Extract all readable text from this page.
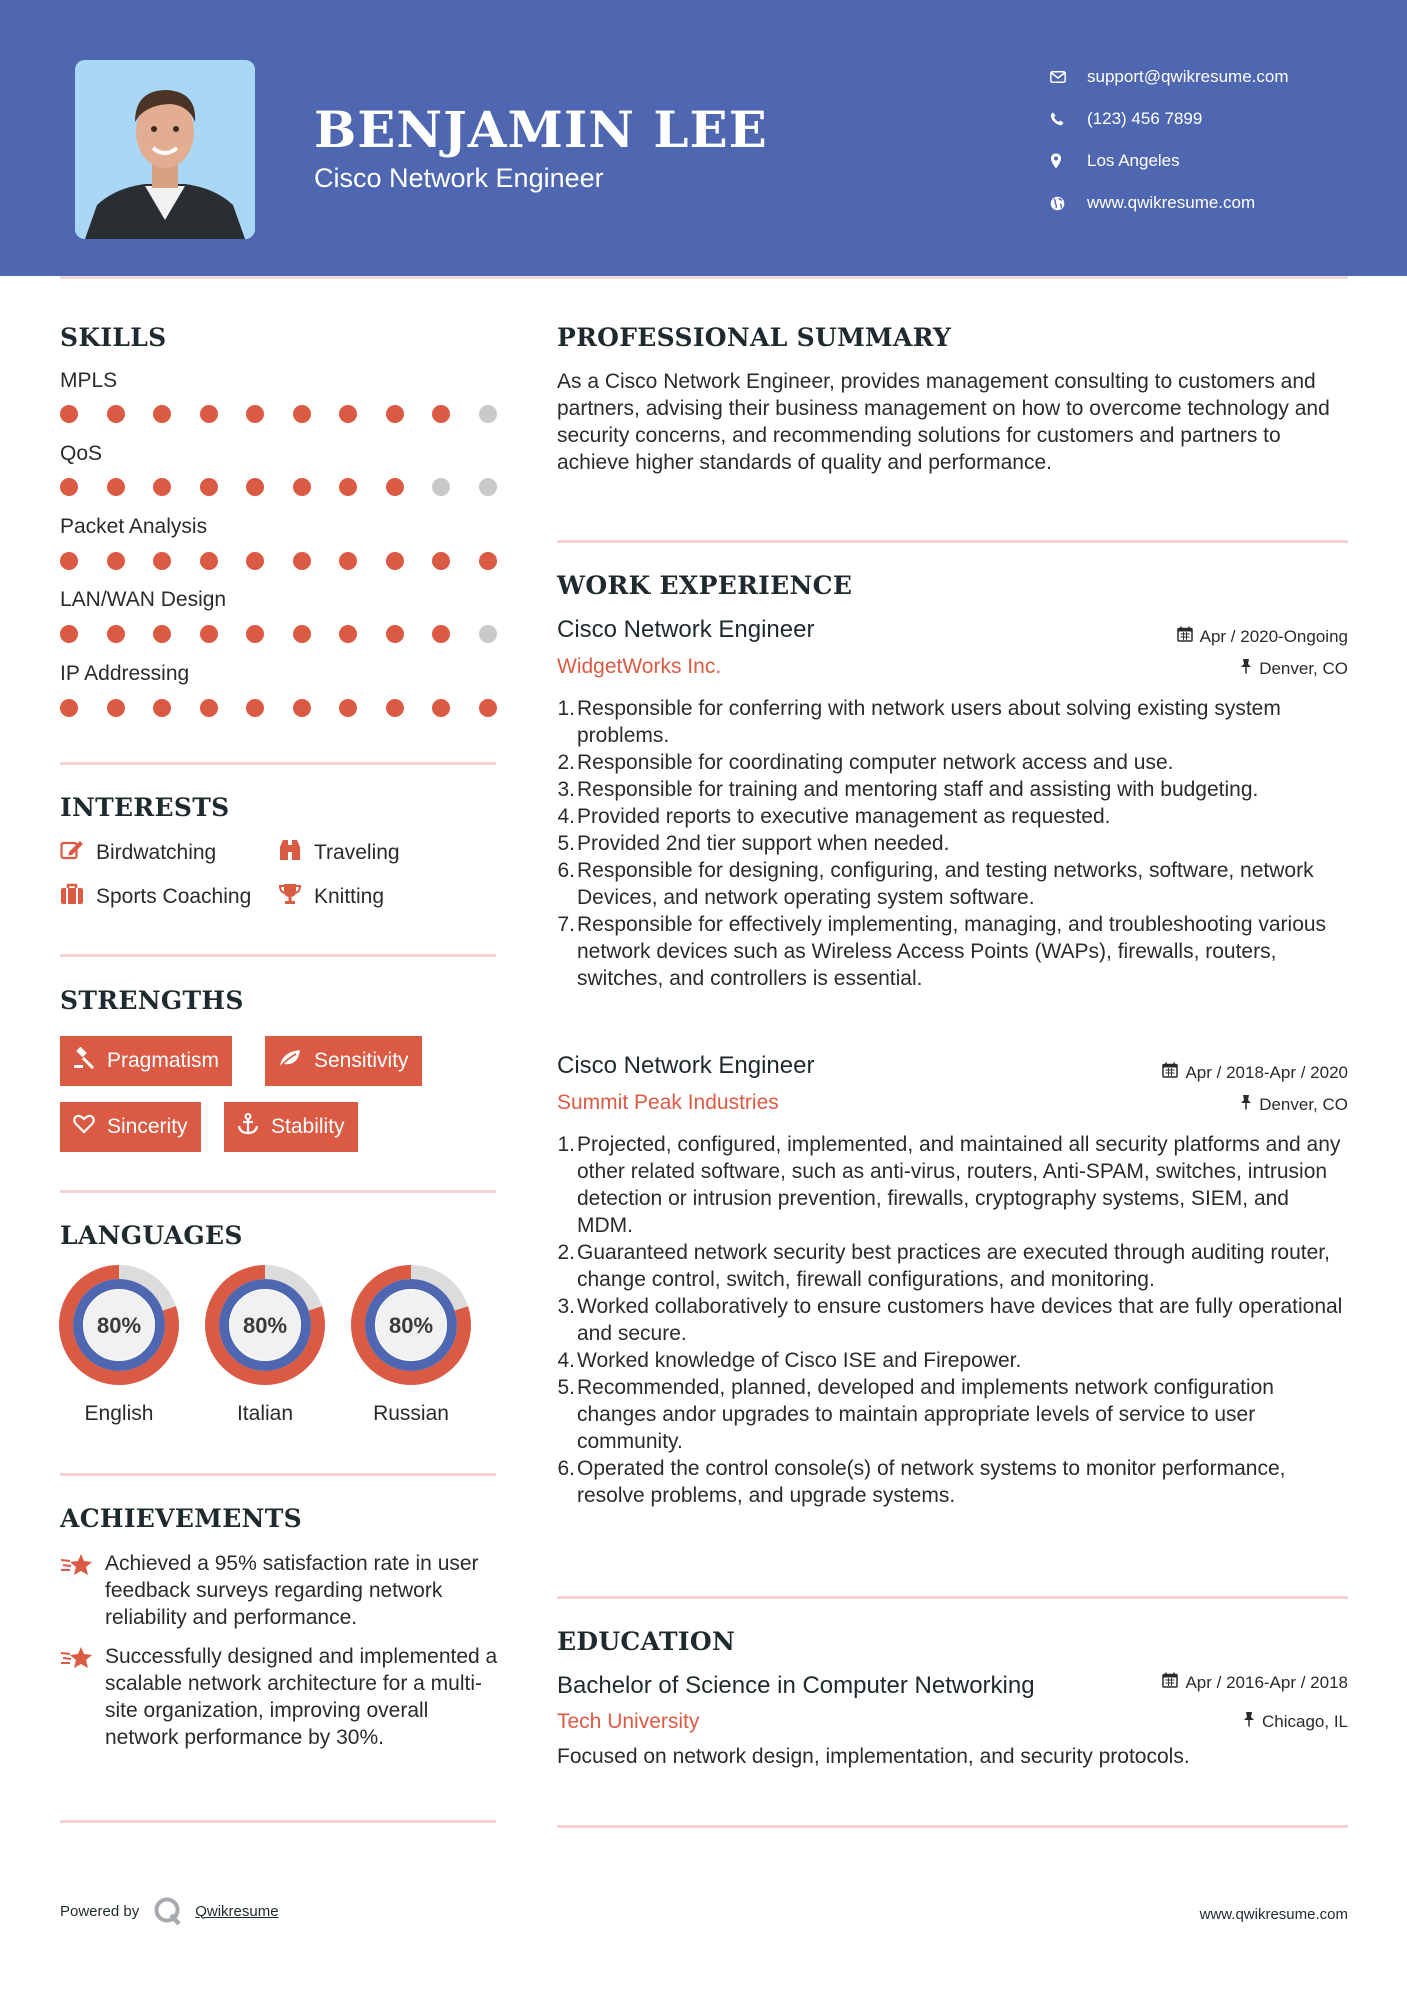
BENJAMIN LEE
Cisco Network Engineer
support@qwikresume.com
(123) 456 7899
Los Angeles
www.qwikresume.com
SKILLS
MPLS
QoS
Packet Analysis
LAN/WAN Design
IP Addressing
INTERESTS
Birdwatching	Traveling
Sports Coaching	Knitting
STRENGTHS
Pragmatism	Sensitivity
Sincerity	Stability
LANGUAGES
80%
English
80%
Italian
80%
Russian
ACHIEVEMENTS
Achieved a 95% satisfaction rate in user feedback surveys regarding network reliability and performance.
Successfully designed and implemented a scalable network architecture for a multi-site organization, improving overall network performance by 30%.
PROFESSIONAL SUMMARY
As a Cisco Network Engineer, provides management consulting to customers and partners, advising their business management on how to overcome technology and security concerns, and recommending solutions for customers and partners to achieve higher standards of quality and performance.
WORK EXPERIENCE
Cisco Network Engineer	Apr / 2020-Ongoing
WidgetWorks Inc.	Denver, CO
1. Responsible for conferring with network users about solving existing system problems.
2. Responsible for coordinating computer network access and use.
3. Responsible for training and mentoring staff and assisting with budgeting.
4. Provided reports to executive management as requested.
5. Provided 2nd tier support when needed.
6. Responsible for designing, configuring, and testing networks, software, network Devices, and network operating system software.
7. Responsible for effectively implementing, managing, and troubleshooting various network devices such as Wireless Access Points (WAPs), firewalls, routers, switches, and controllers is essential.
Cisco Network Engineer	Apr / 2018-Apr / 2020
Summit Peak Industries	Denver, CO
1. Projected, configured, implemented, and maintained all security platforms and any other related software, such as anti-virus, routers, Anti-SPAM, switches, intrusion detection or intrusion prevention, firewalls, cryptography systems, SIEM, and MDM.
2. Guaranteed network security best practices are executed through auditing router, change control, switch, firewall configurations, and monitoring.
3. Worked collaboratively to ensure customers have devices that are fully operational and secure.
4. Worked knowledge of Cisco ISE and Firepower.
5. Recommended, planned, developed and implements network configuration changes andor upgrades to maintain appropriate levels of service to user community.
6. Operated the control console(s) of network systems to monitor performance, resolve problems, and upgrade systems.
EDUCATION
Bachelor of Science in Computer Networking	Apr / 2016-Apr / 2018
Tech University	Chicago, IL
Focused on network design, implementation, and security protocols.
Powered by	Qwikresume	www.qwikresume.com
